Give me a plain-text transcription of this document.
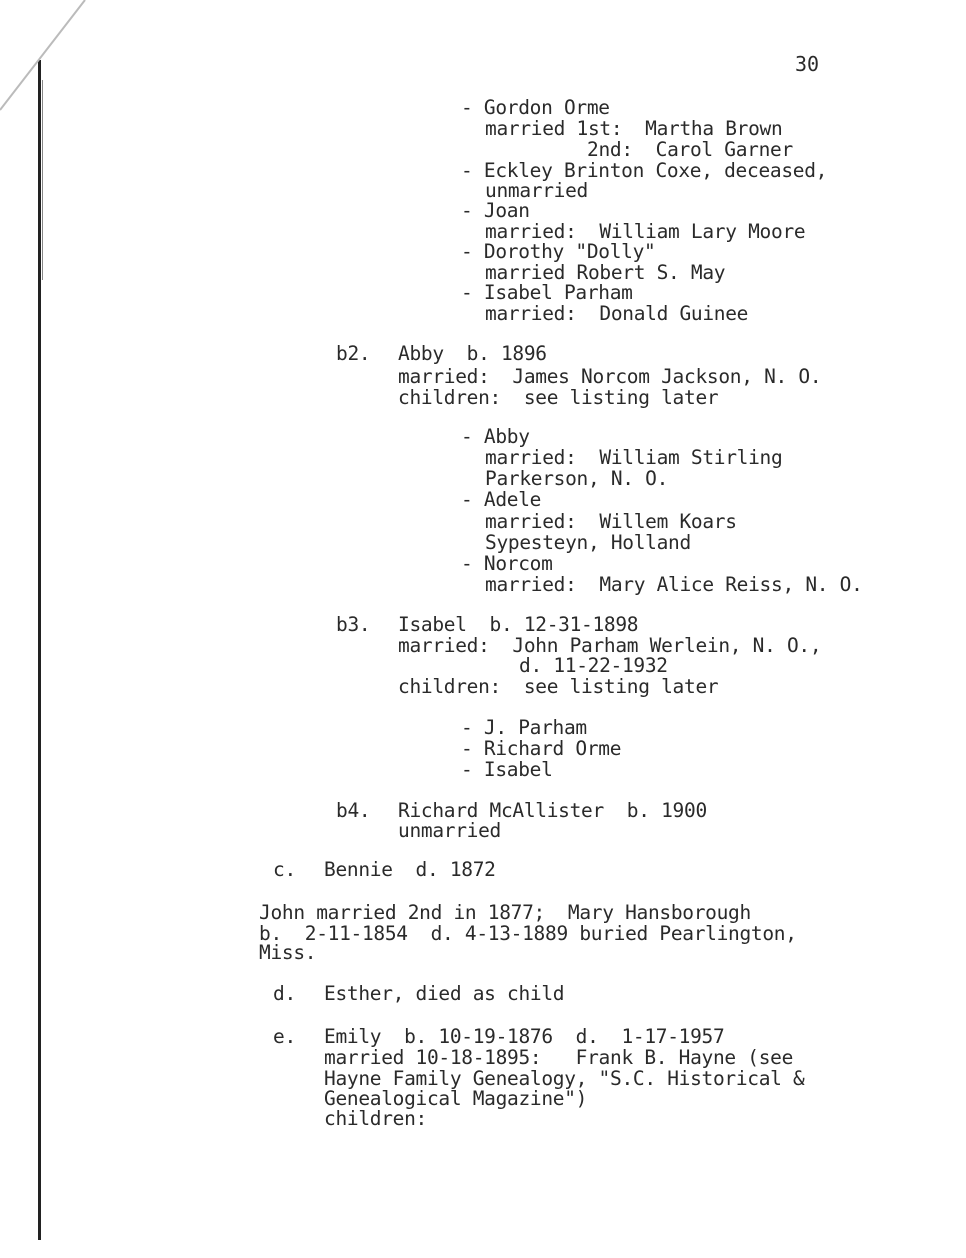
30
- Gordon Orme
married 1st:  Martha Brown
2nd:  Carol Garner
- Eckley Brinton Coxe, deceased,
unmarried
- Joan
married:  William Lary Moore
- Dorothy "Dolly"
married Robert S. May
- Isabel Parham
married:  Donald Guinee
b2. Abby  b. 1896
married:  James Norcom Jackson, N. O.
children:  see listing later
- Abby
married:  William Stirling
Parkerson, N. O.
- Adele
married:  Willem Koars
Sypesteyn, Holland
- Norcom
married:  Mary Alice Reiss, N. O.
b3. Isabel  b. 12-31-1898
married:  John Parham Werlein, N. O.,
d. 11-22-1932
children:  see listing later
- J. Parham
- Richard Orme
- Isabel
b4. Richard McAllister  b. 1900
unmarried
c. Bennie  d. 1872
John married 2nd in 1877;  Mary Hansborough
b.  2-11-1854  d. 4-13-1889 buried Pearlington,
Miss.
d. Esther, died as child
e. Emily  b. 10-19-1876  d.  1-17-1957
married 10-18-1895:   Frank B. Hayne (see
Hayne Family Genealogy, "S.C. Historical &
Genealogical Magazine")
children:
